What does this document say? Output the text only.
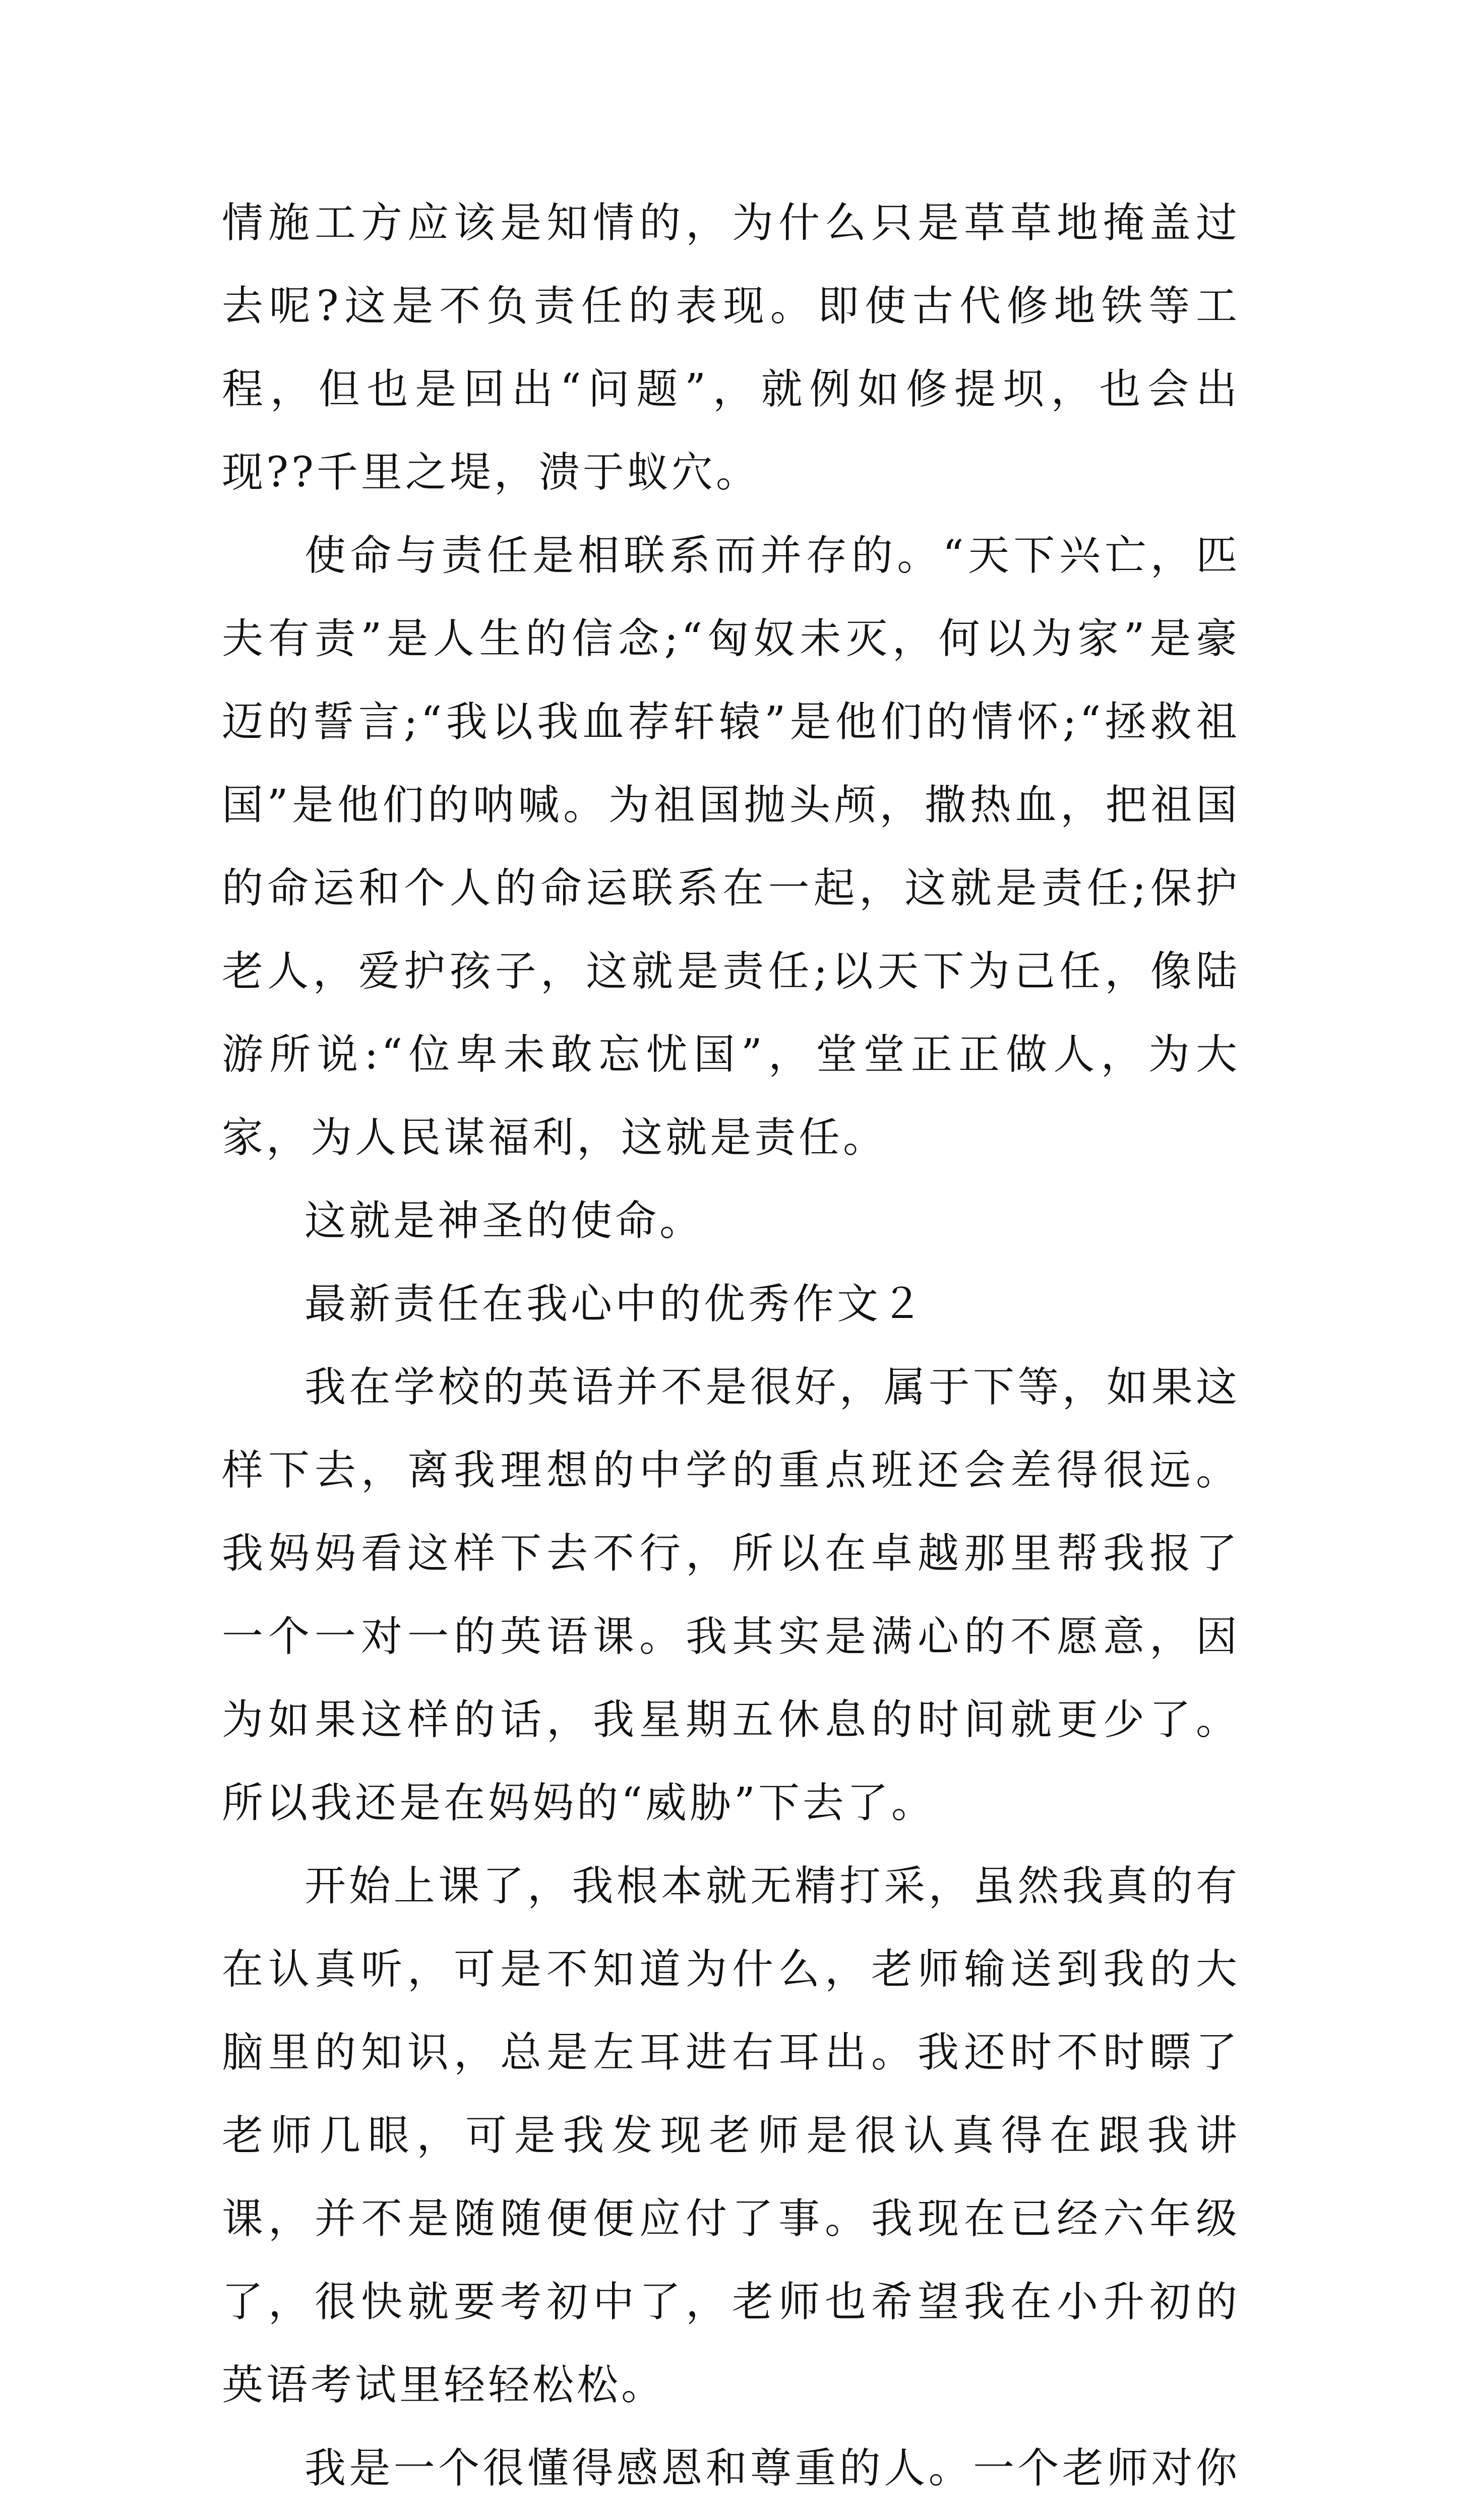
情施工方应该是知情的，为什么只是草草地掩盖过去呢?这是不负责任的表现。即使古代修地铁等工程，但也是回出“问题”，就例如修提坝，也会出现??千里之堤，溃于蚁穴。

使命与责任是相联系而并存的。“天下兴亡，匹夫有责”是人生的信念;“匈奴未灭，何以为家”是豪迈的誓言;“我以我血荐轩辕”是他们的情怀;“拯救祖国”是他们的呐喊。为祖国抛头颅，撒热血，把祖国的命运和个人的命运联系在一起，这就是责任;保护老人，爱护孩子，这就是责任;以天下为己任，像陆游所说:“位卑未敢忘忧国”，堂堂正正做人，为大家，为人民谋福利，这就是责任。

这就是神圣的使命。

最新责任在我心中的优秀作文２

我在学校的英语并不是很好，属于下等，如果这样下去，离我理想的中学的重点班还会差得很远。我妈妈看这样下去不行，所以在卓越那里帮我报了一个一对一的英语课。我其实是满心的不愿意，因为如果这样的话，我星期五休息的时间就更少了。所以我还是在妈妈的“威胁”下去了。

开始上课了，我根本就无精打采，虽然我真的有在认真听，可是不知道为什么，老师输送到我的大脑里的知识，总是左耳进右耳出。我还时不时瞟了老师几眼，可是我发现老师是很认真得在跟我讲课，并不是随随便便应付了事。我现在已经六年级了，很快就要考初中了，老师也希望我在小升初的英语考试里轻轻松松。

我是一个很懂得感恩和尊重的人。一个老师对你
